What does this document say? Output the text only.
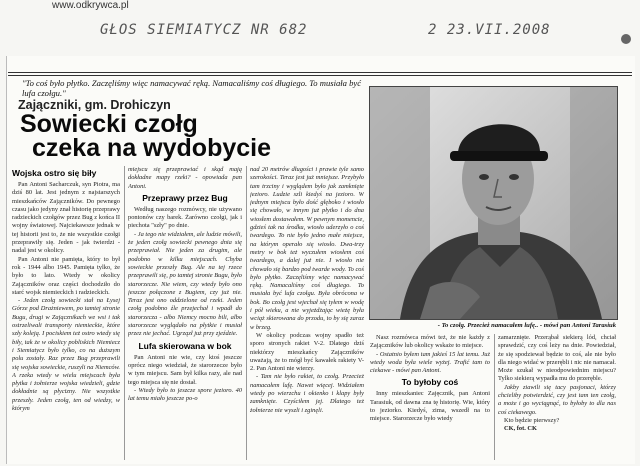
www.odkrywca.pl
GŁOS SIEMIATYCZ NR 682	2 23.VII.2008
"To coś było płytko. Zaczęliśmy więc namacywać ręką. Namacaliśmy coś długiego. To musiała być lufa czołgu."
Zajączniki, gm. Drohiczyn
Sowiecki czołg
czeka na wydobycie
Wojska ostro się biły

Pan Antoni Sacharczuk, syn Piotra, ma dziś 80 lat. Jest jednym z najstarszych mieszkańców Zajączników. Do pewnego czasu jako jedyny znał historię przeprawy radzieckich czołgów przez Bug z końca II wojny światowej. Najciekawsze jednak w tej historii jest to, że nie wszystkie czołgi przeprawiły się. Jeden - jak twierdzi - nadal jest w okolicy.

Pan Antoni nie pamięta, który to był rok - 1944 albo 1945. Pamięta tylko, że było to lato. Wtedy w okolicy Zajączników oraz części dochodziło do starć wojsk niemieckich i radzieckich.

- Jeden czołg sowiecki stał na Łysej Górze pod Drażniewem, po tamtej stronie Bugu, drugi w Zającznikach we wsi i tak ostrzeliwali transporty niemieckie, które szły koleją. I pociskiem też ostro wtedy się biły, tak że w okolicy pobliskich Niemiecz i Siemiatycz było tylko, co na duższym polu zostały. Raz przez Bug przeprawili się wojska sowieckie, ruszyli na Niemców. A rzeka wtedy w wielu miejscach była płytka i żołnierze wojska wiedzieli, gdzie dokładnie są płycizny. Nie wszystkie przeszły. Jeden czołg, ten od wiedzy, w którym

miejscu się przeprawiać i skąd mają dokładne mapy rzeki? - opowiada pan Antoni.

Przeprawy przez Bug

Według naszego rozmówcy, nie używano pontonów czy barek. Żarówno czołgi, jak i piechota "szły" po dnie.

- Ja tego nie widziałem, ale ludzie mówili, że jeden czołg sowiecki pewnego dnia się przeprawiał. Nie jeden za drugim, ale podobno w kilku miejscach. Chyba sowieckie przeszły Bug. Ale na tej rzece przeprawili się, po tamtej stronie Bugu, było starorzecze. Nie wiem, czy wtedy było ono jeszcze połączone z Bugiem, czy już nie. Teraz jest ono oddzielone od rzeki. Jeden czołg podobno źle przejechał i wpadł do starorzecza - albo Niemcy mocno bili, albo starorzecze wyglądało na płytkie i musiał przez nie jechać. Ugrzązł już przy zjeździe.

Lufa skierowana w bok

Pan Antoni nie wie, czy ktoś jeszcze oprócz niego wiedział, że starorzecze było w tym miejscu. Sam był kilka razy, ale nad tego miejsca się nie dostał.

- Wtedy było to jeszcze spore jezioro. 40 lat temu miało jeszcze po-o

nad 20 metrów długości i prawie tyle samo szerokości. Teraz jest już mniejsze. Przybyło tam trzciny i wyglądem było jak zamknięte jezioro. Ludzie szli kiedyś na jezioro. W jednym miejscu było dość głęboko i wiosło się chowało, w innym już płytko i do dna wiosłem dostawałem. W pewnym momencie, gdzieś tak na środku, wiosło uderzyło o coś twardego. To nie było jedno małe miejsce, na którym operało się wiosło. Dwa-trzy metry w bok też wyczułem wiosłem coś twardego, a dalej już nie. I wiosło nie chowało się bardzo pod twarde wody. To coś było płytko. Zaczęliśmy więc namacywać ręką. Namacaliśmy coś długiego. To musiała być lufa czołgu. Była obrócona w bok. Bo czołg jest wjechał się tyłem w wodę i pół wieku, a nie wyjeżdżając wieżę była wciąż skierowana do przodu, to by się zaraz w brzeg.

W okolicy podczas wojny spadło też sporo stronych rakiet V-2. Dlatego dziś niektórzy mieszkańcy Zajączników uważają, że to mógł być kawałek rakiety V-2. Pan Antoni nie wierzy.

- Tam nie było rakiet, to czołg. Przecież namacałem lufę. Nawet więcej. Widziałem wtedy po wierzchu i okienko i klapy były zamknięte. Czyściłem jej. Dlatego też żołnierze nie wyszli i zginęli.

- To czołg. Przecież namacałem lufę.. - mówi pan Antoni Tarasiuk

Nasz rozmówca mówi też, że nie każdy z Zajączników lub okolicy wskaże to miejsce.

- Ostatnio byłem tam jakieś 15 lat temu. Już wtedy woda była wiele wyżej. Trafić tam to ciekawe - mówi pan Antoni.

To byłoby coś

Inny mieszkaniec Zajęcznik, pan Antoni Tarasiuk, od dawna zna tę historię. Wie, który to jeziorko. Kiedyś, zima, wszedł na to miejsce. Starorzecze było wtedy

zamarznięte. Przerąbał siekierą lód, chciał sprawdzić, czy coś leży na dnie. Powiedział, że się spodziewał będzie to coś, ale nie było dla niego widać w przerębli i nic nie namacał. Może szukał w nieodpowiednim miejscu? Tylko siekierą wypadła mu do przeręble.

Jakby ziawili się tacy pasjonaci, którzy chcieliby potwierdzić, czy jest tam ten czołg, a może i go wyciągnąć, to byłoby to dla nas coś ciekawego.

Kto będzie pierwszy?

CK, fot. CK
